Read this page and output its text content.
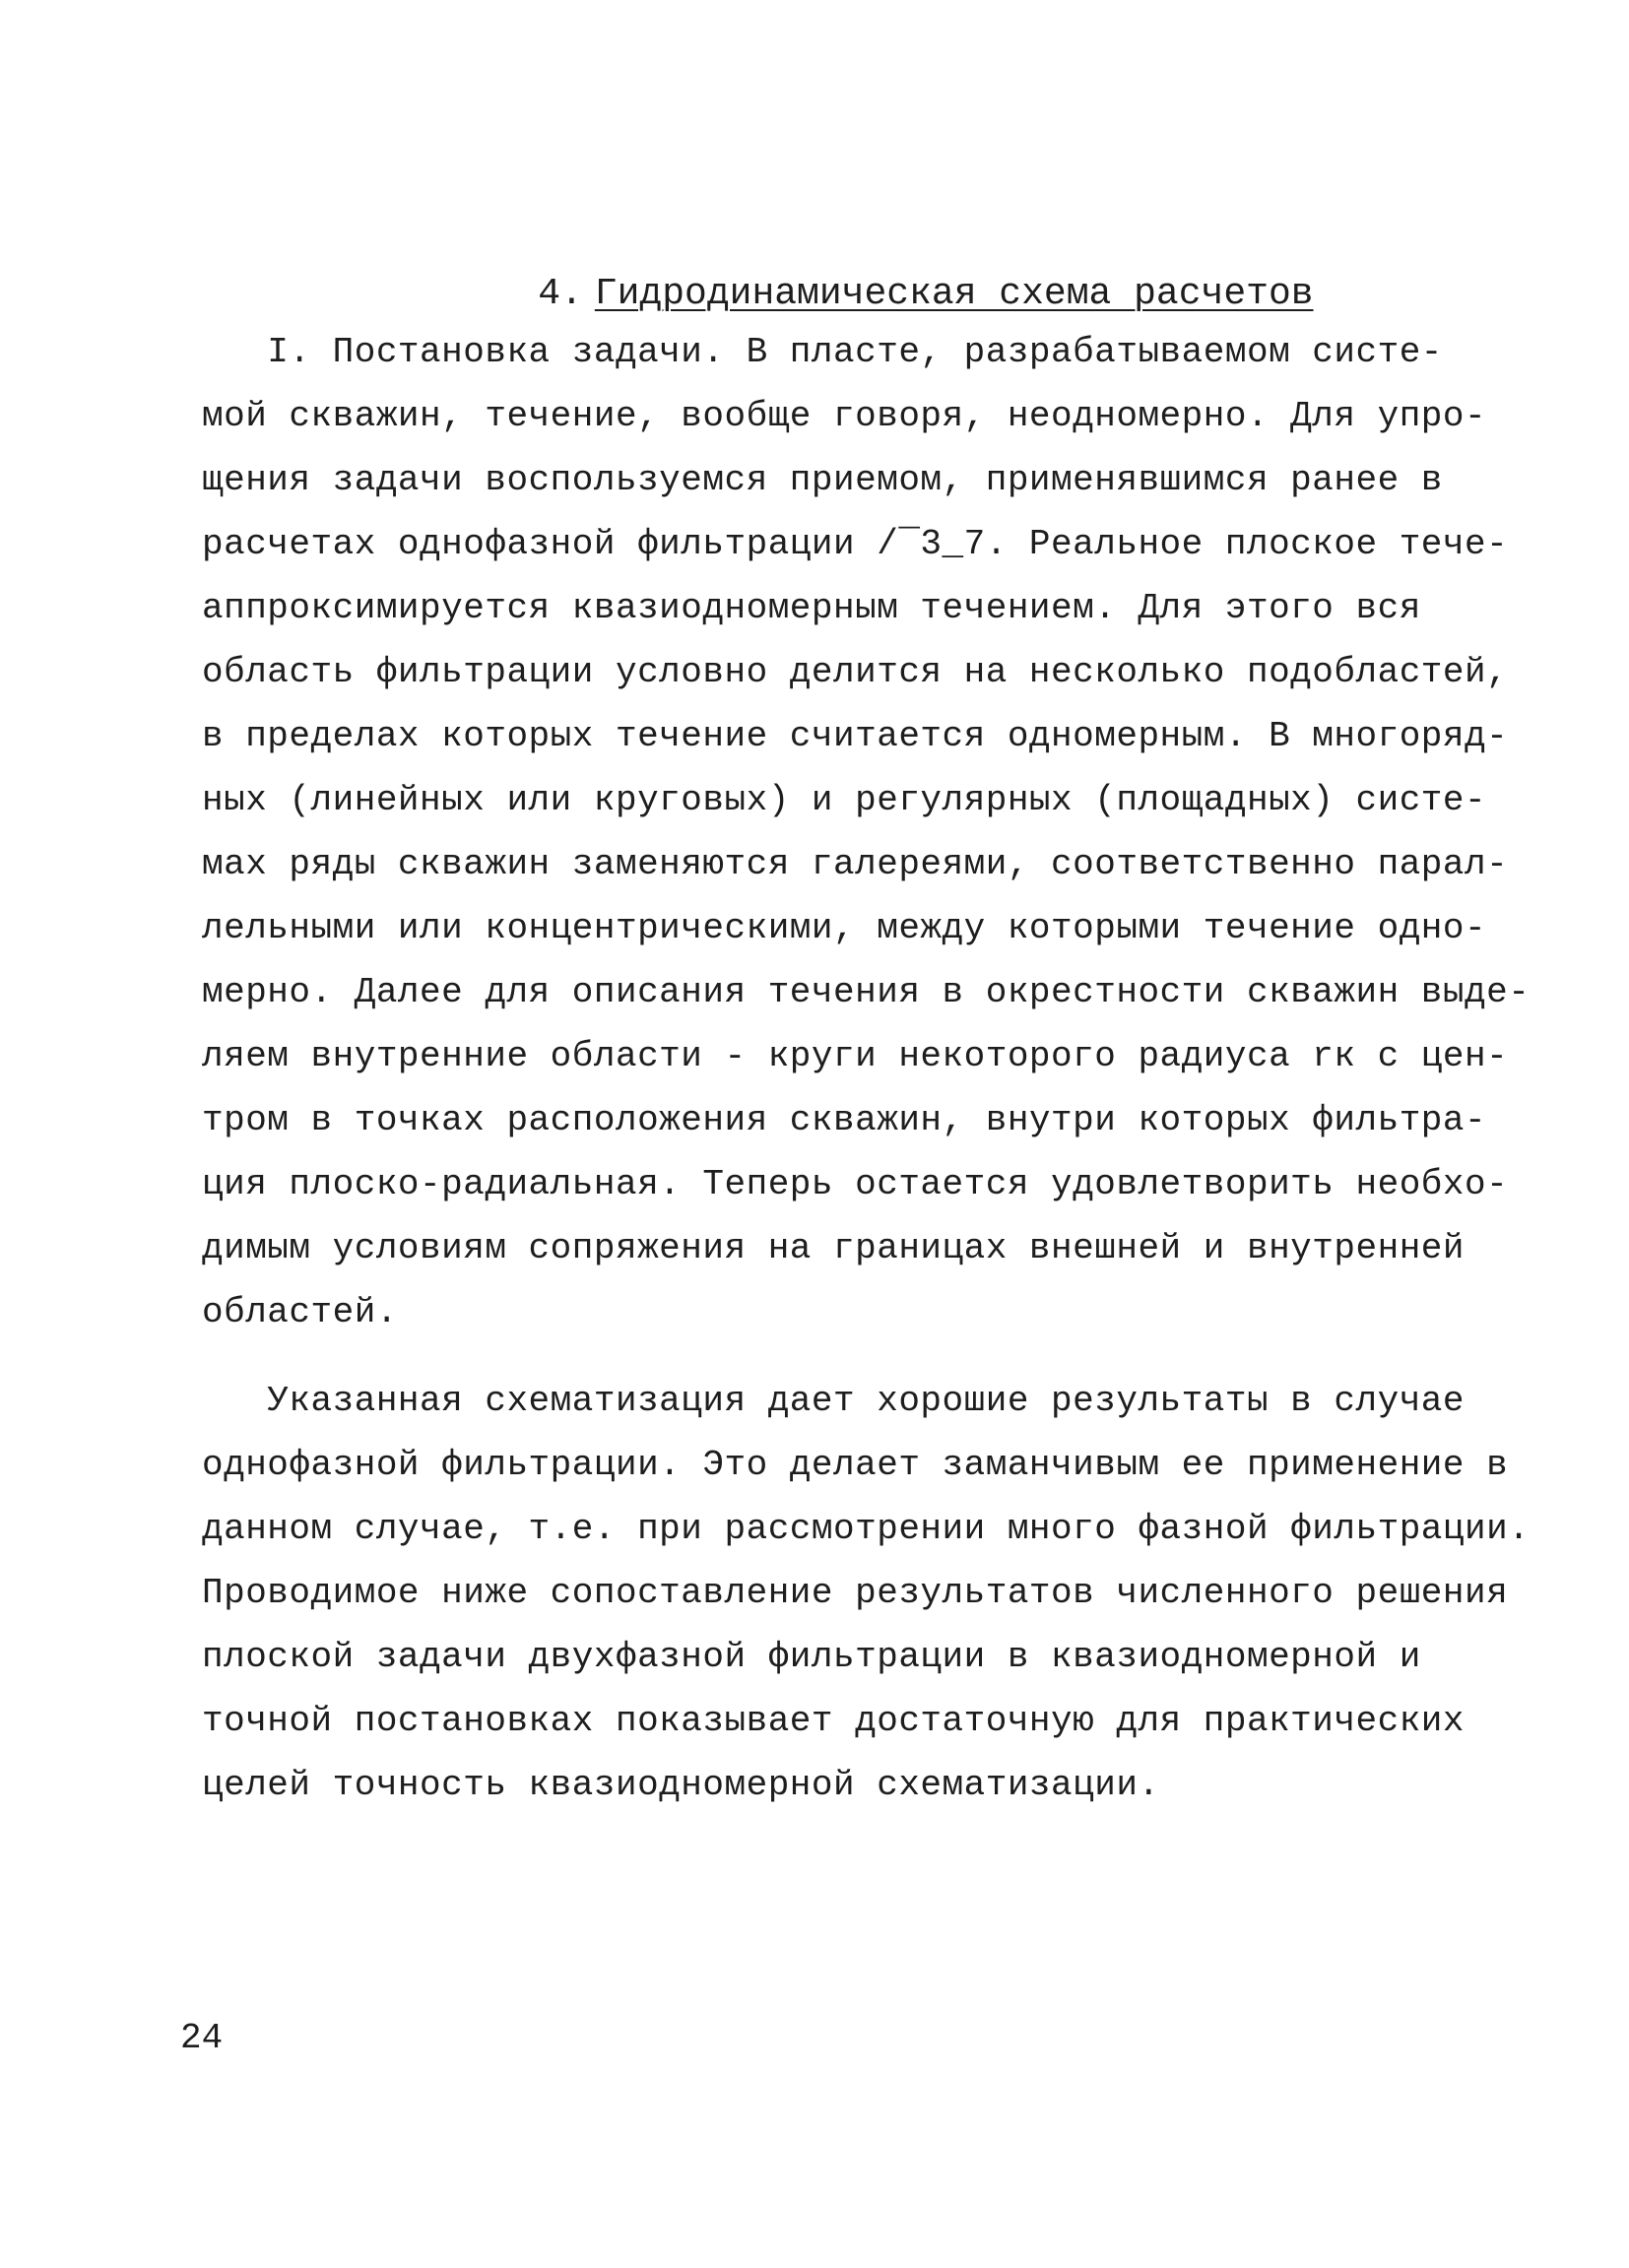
4. Гидродинамическая схема расчетов

I. Постановка задачи. В пласте, разрабатываемом систе-
мой скважин, течение, вообще говоря, неодномерно. Для упро-
щения задачи воспользуемся приемом, применявшимся ранее в
расчетах однофазной фильтрации /‾3_7. Реальное плоское тече-
аппроксимируется квазиодномерным течением. Для этого вся
область фильтрации условно делится на несколько подобластей,
в пределах которых течение считается одномерным. В многоряд-
ных (линейных или круговых) и регулярных (площадных) систе-
мах ряды скважин заменяются галереями, соответственно парал-
лельными или концентрическими, между которыми течение одно-
мерно. Далее для описания течения в окрестности скважин выде-
ляем внутренние области - круги некоторого радиуса rк с цен-
тром в точках расположения скважин, внутри которых фильтра-
ция плоско-радиальная. Теперь остается удовлетворить необхо-
димым условиям сопряжения на границах внешней и внутренней
областей.
Указанная схематизация дает хорошие результаты в случае
однофазной фильтрации. Это делает заманчивым ее применение в
данном случае, т.е. при рассмотрении много фазной фильтрации.
Проводимое ниже сопоставление результатов численного решения
плоской задачи двухфазной фильтрации в квазиодномерной и
точной постановках показывает достаточную для практических
целей точность квазиодномерной схематизации.
24
